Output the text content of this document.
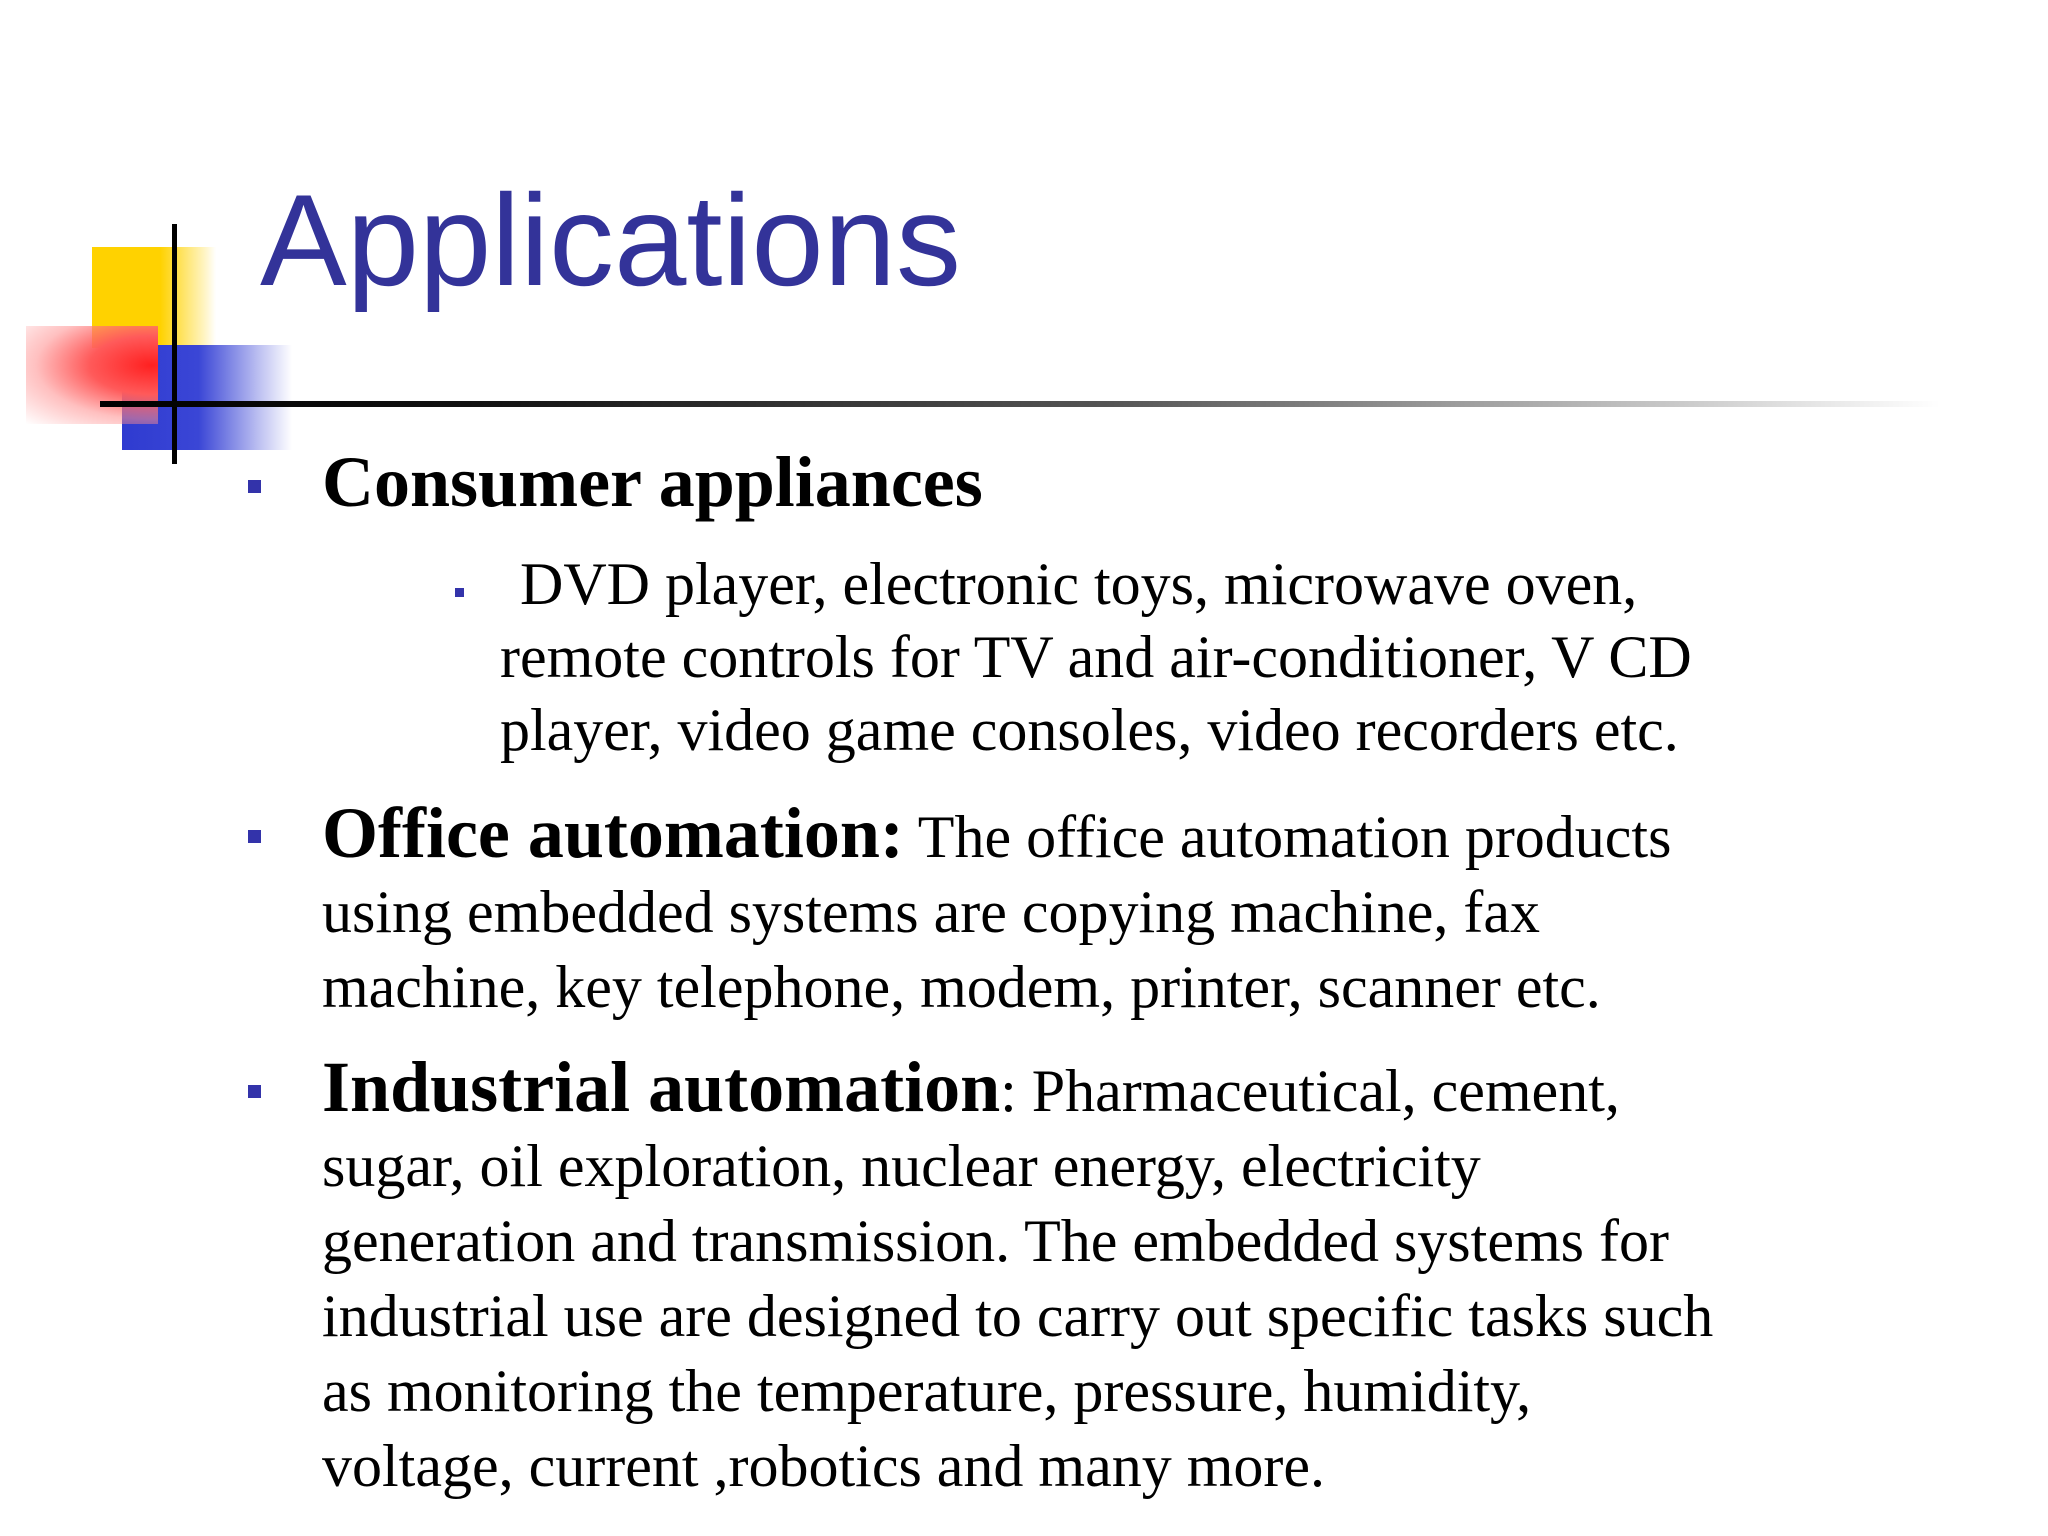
Applications

Consumer appliances

DVD player, electronic toys, microwave oven,
remote controls for TV and air-conditioner, V CD
player, video game consoles, video recorders etc.

Office automation: The office automation products
using embedded systems are copying machine, fax
machine, key telephone, modem, printer, scanner etc.

Industrial automation: Pharmaceutical, cement,
sugar, oil exploration, nuclear energy, electricity
generation and transmission. The embedded systems for
industrial use are designed to carry out specific tasks such
as monitoring the temperature, pressure, humidity,
voltage, current ,robotics and many more.
